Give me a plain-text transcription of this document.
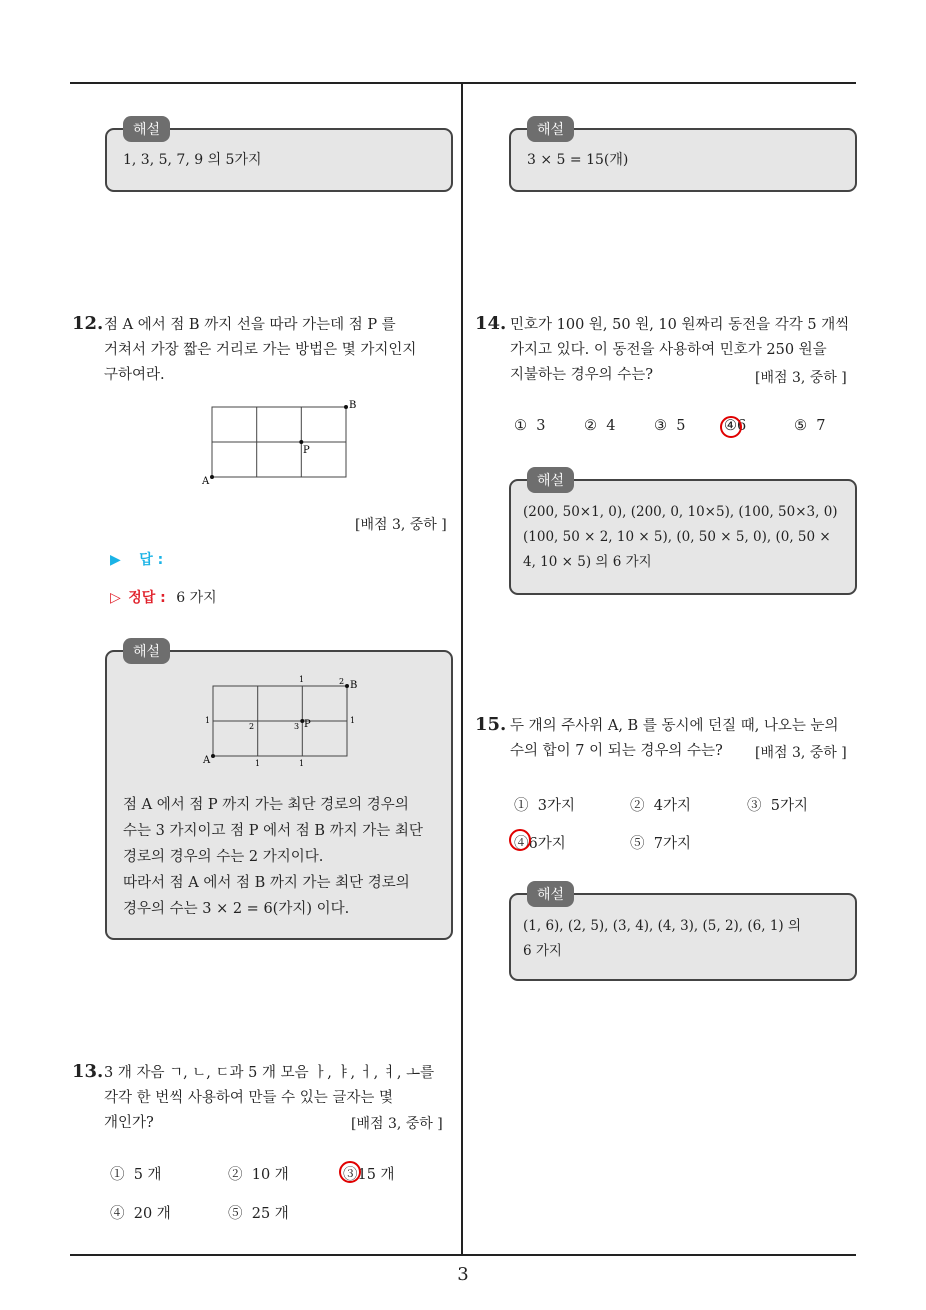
해설
1, 3, 5, 7, 9 의 5가지
12. 점 A 에서 점 B 까지 선을 따라 가는데 점 P 를
거쳐서 가장 짧은 거리로 가는 방법은 몇 가지인지
구하여라.
A
B
P
[배점 3, 중하 ]
▶ 답 :
▷ 정답 : 6 가지
해설
A
B
P
1	2
1
2	3
1
1	1
점 A 에서 점 P 까지 가는 최단 경로의 경우의
수는 3 가지이고 점 P 에서 점 B 까지 가는 최단
경로의 경우의 수는 2 가지이다.
따라서 점 A 에서 점 B 까지 가는 최단 경로의
경우의 수는 3 × 2 = 6(가지) 이다.
13. 3 개 자음 ㄱ, ㄴ, ㄷ과 5 개 모음 ㅏ, ㅑ, ㅓ, ㅕ, ㅗ를
각각 한 번씩 사용하여 만들 수 있는 글자는 몇
개인가?	[배점 3, 중하 ]
① 5 개	② 10 개	③15 개
④ 20 개	⑤ 25 개
해설
3 × 5 = 15(개)
14. 민호가 100 원, 50 원, 10 원짜리 동전을 각각 5 개씩
가지고 있다. 이 동전을 사용하여 민호가 250 원을
지불하는 경우의 수는?	[배점 3, 중하 ]
① 3	② 4	③ 5	④6	⑤ 7
해설
(200, 50×1, 0), (200, 0, 10×5), (100, 50×3, 0)
(100, 50 × 2, 10 × 5), (0, 50 × 5, 0), (0, 50 ×
4, 10 × 5) 의 6 가지
15. 두 개의 주사위 A, B 를 동시에 던질 때, 나오는 눈의
수의 합이 7 이 되는 경우의 수는?	[배점 3, 중하 ]
① 3가지	② 4가지	③ 5가지
④6가지	⑤ 7가지
해설
(1, 6), (2, 5), (3, 4), (4, 3), (5, 2), (6, 1) 의
6 가지
3
